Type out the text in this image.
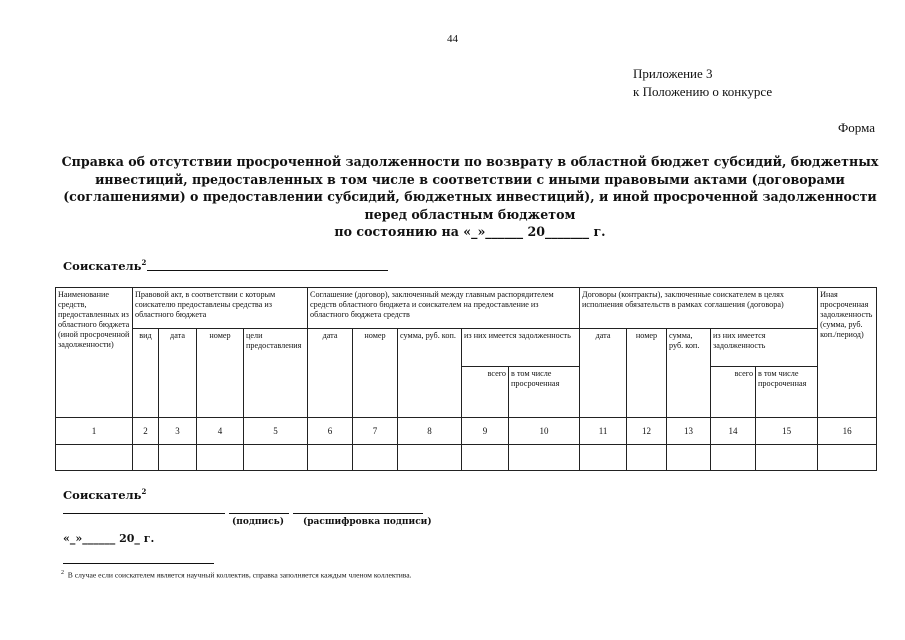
44
Приложение 3
к Положению о конкурсе
Форма
Справка об отсутствии просроченной задолженности по возврату в областной бюджет субсидий, бюджетных
инвестиций, предоставленных в том числе в соответствии с иными правовыми актами (договорами
(соглашениями) о предоставлении субсидий, бюджетных инвестиций), и иной просроченной задолженности
перед областным бюджетом
по состоянию на «_»______ 20_______ г.
Соискатель$^2$
Наименование средств, предоставленных из областного бюджета (иной просроченной задолженности)	Правовой акт, в соответствии с которым соискателю предоставлены средства из областного бюджета				Соглашение (договор), заключенный между главным распорядителем средств областного бюджета и соискателем на предоставление из областного бюджета средств					Договоры (контракты), заключенные соискателем в целях исполнения обязательств в рамках соглашения (договора)					Иная просроченная задолженность (сумма, руб. коп./период)
	вид	дата	номер	цели предоставления	дата	номер	сумма, руб. коп.	из них имеется задолженность		дата	номер	сумма, руб. коп.	из них имеется задолженность		
								всего	в том числе просроченная				всего	в том числе просроченная	
1	2	3	4	5	6	7	8	9	10	11	12	13	14	15	16

Соискатель$^2$
(подпись) (расшифровка подписи)
«_»______ 20_ г.
$^2$ В случае если соискателем является научный коллектив, справка заполняется каждым членом коллектива.
